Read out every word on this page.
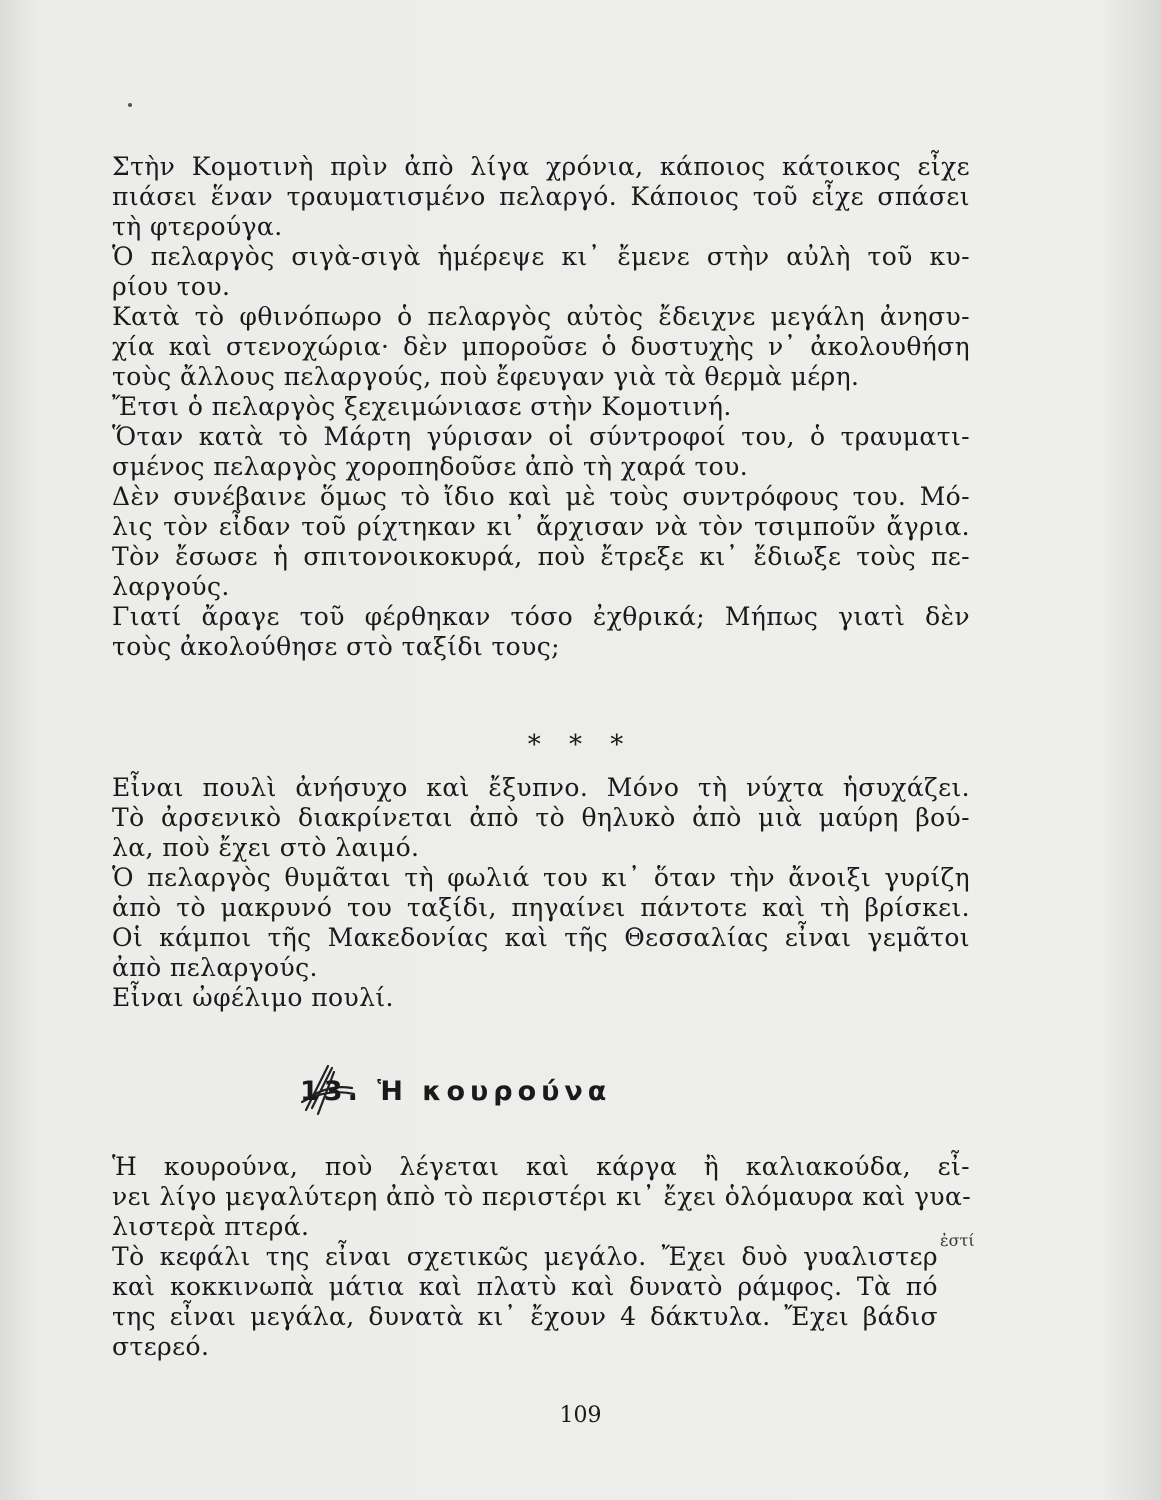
Στὴν Κομοτινὴ πρὶν ἀπὸ λίγα χρόνια, κάποιος κάτοικος εἶχε
πιάσει ἕναν τραυματισμένο πελαργό. Κάποιος τοῦ εἶχε σπάσει
τὴ φτερούγα.
Ὁ πελαργὸς σιγὰ-σιγὰ ἡμέρεψε κι᾿ ἔμενε στὴν αὐλὴ τοῦ κυ-
ρίου του.
Κατὰ τὸ φθινόπωρο ὁ πελαργὸς αὐτὸς ἔδειχνε μεγάλη ἀνησυ-
χία καὶ στενοχώρια· δὲν μποροῦσε ὁ δυστυχὴς ν᾿ ἀκολουθήση
τοὺς ἄλλους πελαργούς, ποὺ ἔφευγαν γιὰ τὰ θερμὰ μέρη.
Ἔτσι ὁ πελαργὸς ξεχειμώνιασε στὴν Κομοτινή.
Ὅταν κατὰ τὸ Μάρτη γύρισαν οἱ σύντροφοί του, ὁ τραυματι-
σμένος πελαργὸς χοροπηδοῦσε ἀπὸ τὴ χαρά του.
Δὲν συνέβαινε ὅμως τὸ ἴδιο καὶ μὲ τοὺς συντρόφους του. Μό-
λις τὸν εἶδαν τοῦ ρίχτηκαν κι᾿ ἄρχισαν νὰ τὸν τσιμποῦν ἄγρια.
Τὸν ἔσωσε ἡ σπιτονοικοκυρά, ποὺ ἔτρεξε κι᾿ ἔδιωξε τοὺς πε-
λαργούς.
Γιατί ἄραγε τοῦ φέρθηκαν τόσο ἐχθρικά; Μήπως γιατὶ δὲν
τοὺς ἀκολούθησε στὸ ταξίδι τους;
* * *
Εἶναι πουλὶ ἀνήσυχο καὶ ἔξυπνο. Μόνο τὴ νύχτα ἡσυχάζει.
Τὸ ἀρσενικὸ διακρίνεται ἀπὸ τὸ θηλυκὸ ἀπὸ μιὰ μαύρη βού-
λα, ποὺ ἔχει στὸ λαιμό.
Ὁ πελαργὸς θυμᾶται τὴ φωλιά του κι᾿ ὅταν τὴν ἄνοιξι γυρίζη
ἀπὸ τὸ μακρυνό του ταξίδι, πηγαίνει πάντοτε καὶ τὴ βρίσκει.
Οἱ κάμποι τῆς Μακεδονίας καὶ τῆς Θεσσαλίας εἶναι γεμᾶτοι
ἀπὸ πελαργούς.
Εἶναι ὠφέλιμο πουλί.
13. Ἡ κουρούνα
Ἡ κουρούνα, ποὺ λέγεται καὶ κάργα ἢ καλιακούδα, εἶ-
νει λίγο μεγαλύτερη ἀπὸ τὸ περιστέρι κι᾿ ἔχει ὁλόμαυρα καὶ γυα-
λιστερὰ πτερά.
Τὸ κεφάλι της εἶναι σχετικῶς μεγάλο. Ἔχει δυὸ γυαλιστερ
καὶ κοκκινωπὰ μάτια καὶ πλατὺ καὶ δυνατὸ ράμφος. Τὰ πό
της εἶναι μεγάλα, δυνατὰ κι᾿ ἔχουν 4 δάκτυλα. Ἔχει βάδισ
στερεό.
ἐστί
109
